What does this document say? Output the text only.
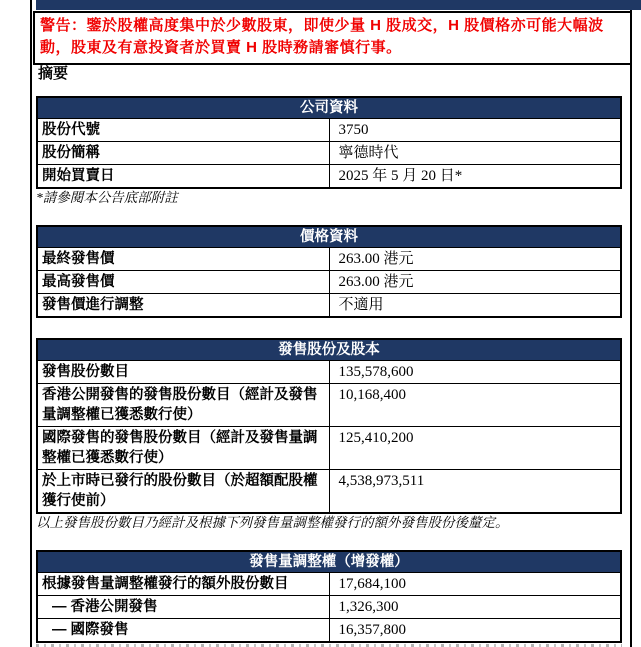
警告：鑒於股權高度集中於少數股東，即使少量 H 股成交，H 股價格亦可能大幅波動，股東及有意投資者於買賣 H 股時務請審慎行事。
摘要
公司資料	
股份代號	3750
股份簡稱	寧德時代
開始買賣日	2025 年 5 月 20 日*
*請參閱本公告底部附註
價格資料	
最終發售價	263.00 港元
最高發售價	263.00 港元
發售價進行調整	不適用
發售股份及股本	
發售股份數目	135,578,600
香港公開發售的發售股份數目（經計及發售量調整權已獲悉數行使）	10,168,400
國際發售的發售股份數目（經計及發售量調整權已獲悉數行使）	125,410,200
於上市時已發行的股份數目（於超額配股權獲行使前）	4,538,973,511
以上發售股份數目乃經計及根據下列發售量調整權發行的額外發售股份後釐定。
發售量調整權（增發權）	
根據發售量調整權發行的額外股份數目	17,684,100
— 香港公開發售	1,326,300
— 國際發售	16,357,800
